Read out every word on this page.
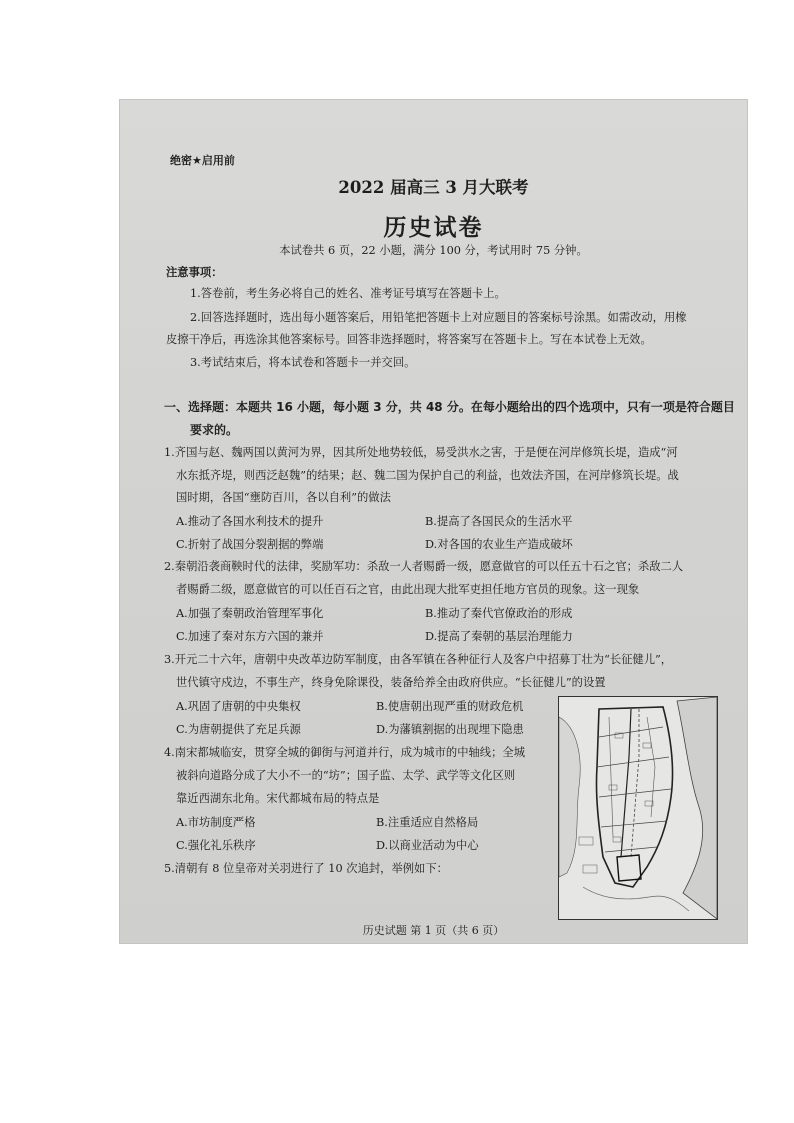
绝密★启用前
2022 届高三 3 月大联考
历史试卷
本试卷共 6 页，22 小题，满分 100 分，考试用时 75 分钟。
注意事项：
1.答卷前，考生务必将自己的姓名、准考证号填写在答题卡上。
2.回答选择题时，选出每小题答案后，用铅笔把答题卡上对应题目的答案标号涂黑。如需改动，用橡
皮擦干净后，再选涂其他答案标号。回答非选择题时，将答案写在答题卡上。写在本试卷上无效。
3.考试结束后，将本试卷和答题卡一并交回。
一、选择题：本题共 16 小题，每小题 3 分，共 48 分。在每小题给出的四个选项中，只有一项是符合题目
要求的。
1.齐国与赵、魏两国以黄河为界，因其所处地势较低，易受洪水之害，于是便在河岸修筑长堤，造成“河
水东抵齐堤，则西泛赵魏”的结果；赵、魏二国为保护自己的利益，也效法齐国，在河岸修筑长堤。战
国时期，各国“壅防百川，各以自利”的做法
A.推动了各国水利技术的提升	B.提高了各国民众的生活水平
C.折射了战国分裂割据的弊端	D.对各国的农业生产造成破坏
2.秦朝沿袭商鞅时代的法律，奖励军功：杀敌一人者赐爵一级，愿意做官的可以任五十石之官；杀敌二人
者赐爵二级，愿意做官的可以任百石之官，由此出现大批军吏担任地方官员的现象。这一现象
A.加强了秦朝政治管理军事化	B.推动了秦代官僚政治的形成
C.加速了秦对东方六国的兼并	D.提高了秦朝的基层治理能力
3.开元二十六年，唐朝中央改革边防军制度，由各军镇在各种征行人及客户中招募丁壮为“长征健儿”，
世代镇守戍边，不事生产，终身免除课役，装备给养全由政府供应。“长征健儿”的设置
A.巩固了唐朝的中央集权	B.使唐朝出现严重的财政危机
C.为唐朝提供了充足兵源	D.为藩镇割据的出现埋下隐患
4.南宋都城临安，贯穿全城的御街与河道并行，成为城市的中轴线；全城
被斜向道路分成了大小不一的“坊”；国子监、太学、武学等文化区则
靠近西湖东北角。宋代都城布局的特点是
A.市坊制度严格	B.注重适应自然格局
C.强化礼乐秩序	D.以商业活动为中心
5.清朝有 8 位皇帝对关羽进行了 10 次追封，举例如下：
历史试题 第 1 页（共 6 页）
